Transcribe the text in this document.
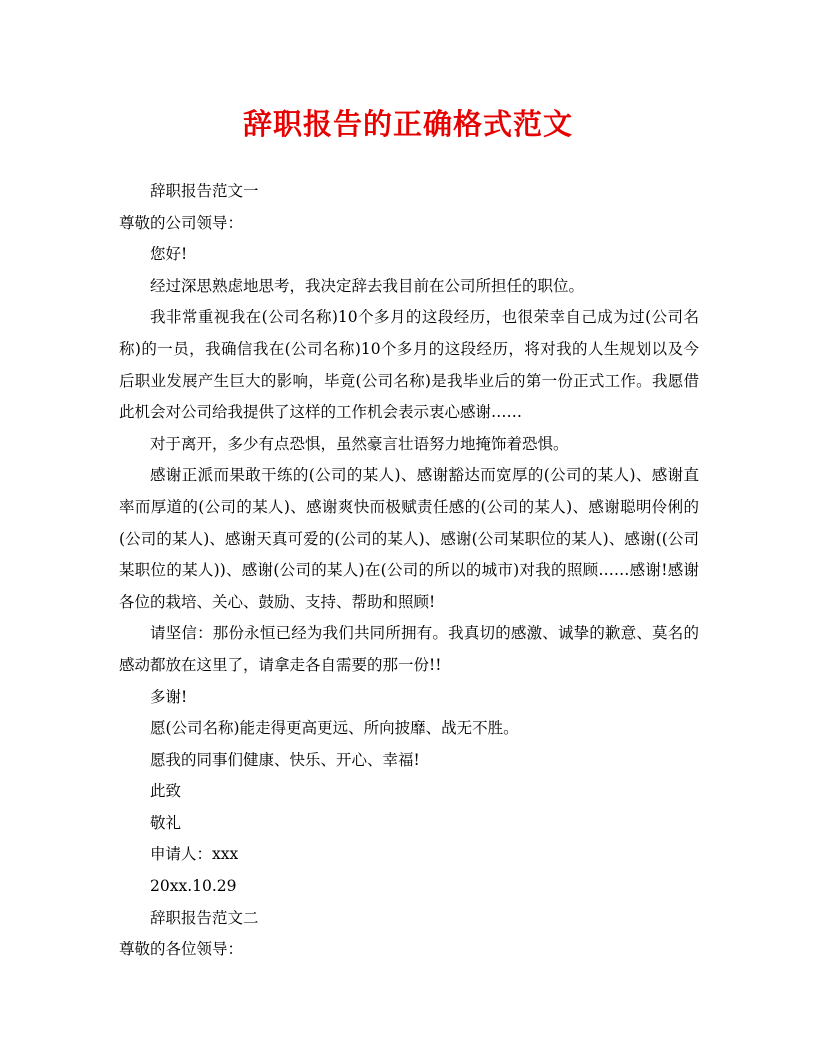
辞职报告的正确格式范文

辞职报告范文一

尊敬的公司领导：

您好!

经过深思熟虑地思考，我决定辞去我目前在公司所担任的职位。

我非常重视我在(公司名称)10个多月的这段经历，也很荣幸自己成为过(公司名称)的一员，我确信我在(公司名称)10个多月的这段经历，将对我的人生规划以及今后职业发展产生巨大的影响，毕竟(公司名称)是我毕业后的第一份正式工作。我愿借此机会对公司给我提供了这样的工作机会表示衷心感谢……

对于离开，多少有点恐惧，虽然豪言壮语努力地掩饰着恐惧。

感谢正派而果敢干练的(公司的某人)、感谢豁达而宽厚的(公司的某人)、感谢直率而厚道的(公司的某人)、感谢爽快而极赋责任感的(公司的某人)、感谢聪明伶俐的(公司的某人)、感谢天真可爱的(公司的某人)、感谢(公司某职位的某人)、感谢((公司某职位的某人))、感谢(公司的某人)在(公司的所以的城市)对我的照顾……感谢!感谢各位的栽培、关心、鼓励、支持、帮助和照顾!

请坚信：那份永恒已经为我们共同所拥有。我真切的感激、诚挚的歉意、莫名的感动都放在这里了，请拿走各自需要的那一份!!

多谢!

愿(公司名称)能走得更高更远、所向披靡、战无不胜。

愿我的同事们健康、快乐、开心、幸福!

此致

敬礼

申请人：xxx

20xx.10.29

辞职报告范文二

尊敬的各位领导：
